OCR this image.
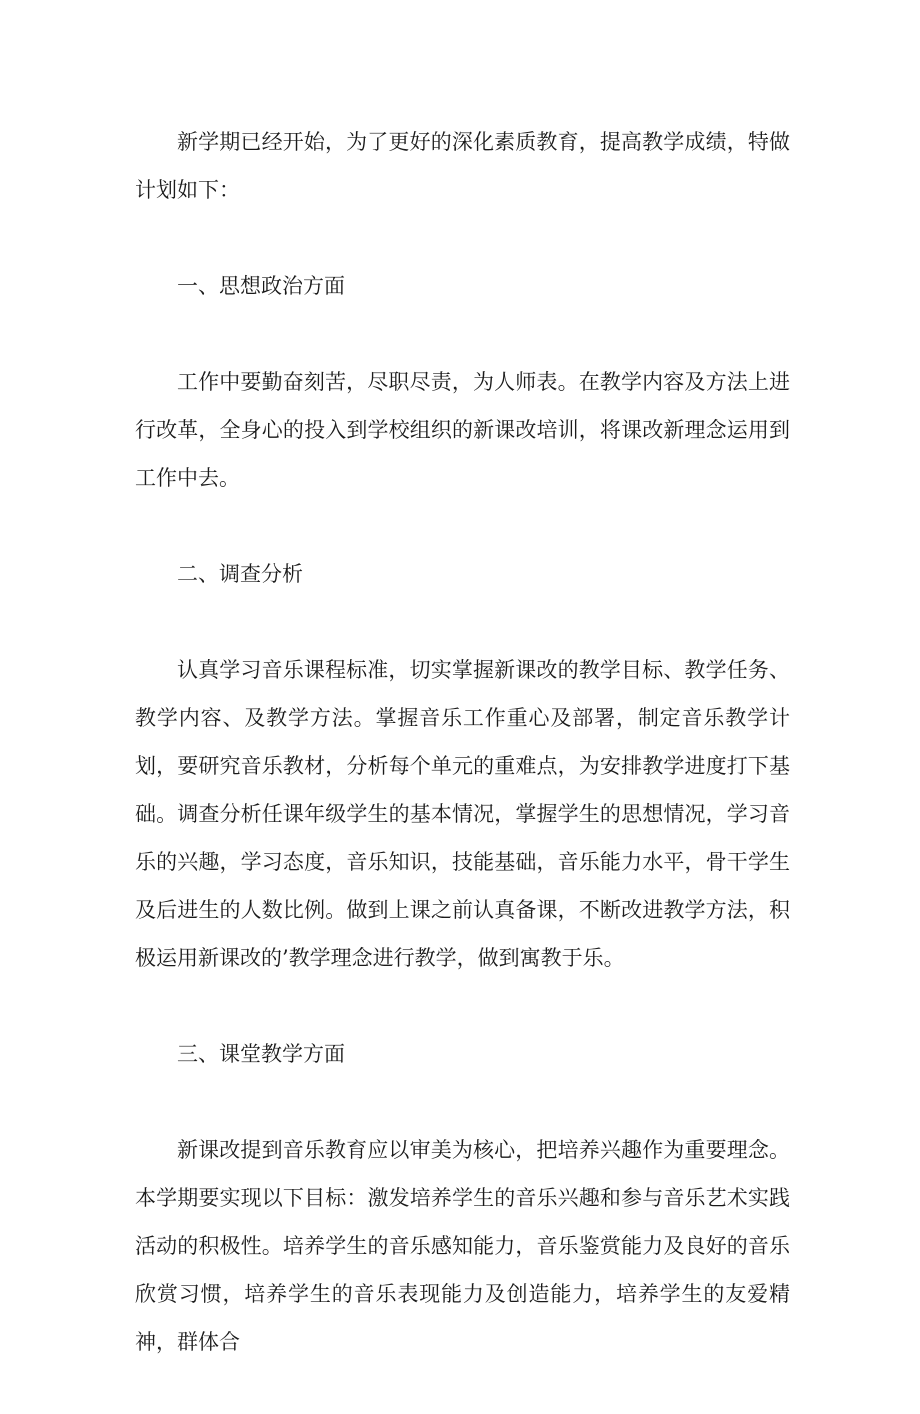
新学期已经开始，为了更好的深化素质教育，提高教学成绩，特做计划如下：

一、思想政治方面

工作中要勤奋刻苦，尽职尽责，为人师表。在教学内容及方法上进行改革，全身心的投入到学校组织的新课改培训，将课改新理念运用到工作中去。

二、调查分析

认真学习音乐课程标准，切实掌握新课改的教学目标、教学任务、教学内容、及教学方法。掌握音乐工作重心及部署，制定音乐教学计划，要研究音乐教材，分析每个单元的重难点，为安排教学进度打下基础。调查分析任课年级学生的基本情况，掌握学生的思想情况，学习音乐的兴趣，学习态度，音乐知识，技能基础，音乐能力水平，骨干学生及后进生的人数比例。做到上课之前认真备课，不断改进教学方法，积极运用新课改的’教学理念进行教学，做到寓教于乐。

三、课堂教学方面

新课改提到音乐教育应以审美为核心，把培养兴趣作为重要理念。本学期要实现以下目标：激发培养学生的音乐兴趣和参与音乐艺术实践活动的积极性。培养学生的音乐感知能力，音乐鉴赏能力及良好的音乐欣赏习惯，培养学生的音乐表现能力及创造能力，培养学生的友爱精神，群体合
